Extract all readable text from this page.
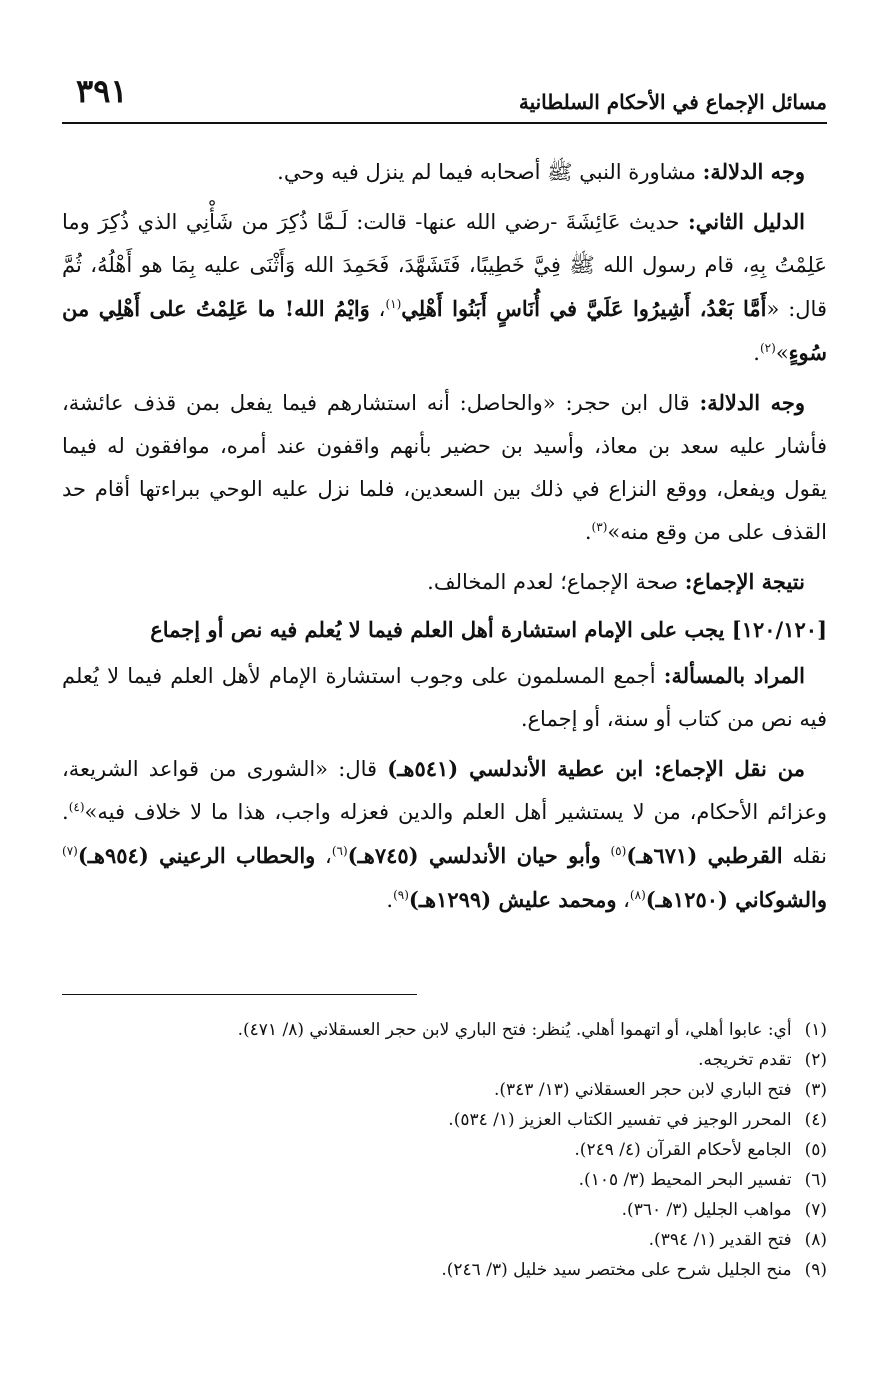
مسائل الإجماع في الأحكام السلطانية
٣٩١

وجه الدلالة: مشاورة النبي ﷺ أصحابه فيما لم ينزل فيه وحي.

الدليل الثاني: حديث عَائِشَةَ -رضي الله عنها- قالت: لَـمَّا ذُكِرَ من شَأْنِي الذي ذُكِرَ وما عَلِمْتُ بِهِ، قام رسول الله ﷺ فِيَّ خَطِيبًا، فَتَشَهَّدَ، فَحَمِدَ الله وَأَثْنَى عليه بِمَا هو أَهْلُهُ، ثُمَّ قال: «أَمَّا بَعْدُ، أَشِيرُوا عَلَيَّ في أُنَاسٍ أَبَنُوا أَهْلِي$^{(١)}$، وَايْمُ الله! ما عَلِمْتُ على أَهْلِي من سُوءٍ»$^{(٢)}$.

وجه الدلالة: قال ابن حجر: «والحاصل: أنه استشارهم فيما يفعل بمن قذف عائشة، فأشار عليه سعد بن معاذ، وأسيد بن حضير بأنهم واقفون عند أمره، موافقون له فيما يقول ويفعل، ووقع النزاع في ذلك بين السعدين، فلما نزل عليه الوحي ببراءتها أقام حد القذف على من وقع منه»$^{(٣)}$.

نتيجة الإجماع: صحة الإجماع؛ لعدم المخالف.

[١٢٠/١٢٠] يجب على الإمام استشارة أهل العلم فيما لا يُعلم فيه نص أو إجماع

المراد بالمسألة: أجمع المسلمون على وجوب استشارة الإمام لأهل العلم فيما لا يُعلم فيه نص من كتاب أو سنة، أو إجماع.

من نقل الإجماع: ابن عطية الأندلسي (٥٤١هـ) قال: «الشورى من قواعد الشريعة، وعزائم الأحكام، من لا يستشير أهل العلم والدين فعزله واجب، هذا ما لا خلاف فيه»$^{(٤)}$. نقله القرطبي (٦٧١هـ)$^{(٥)}$ وأبو حيان الأندلسي (٧٤٥هـ)$^{(٦)}$، والحطاب الرعيني (٩٥٤هـ)$^{(٧)}$ والشوكاني (١٢٥٠هـ)$^{(٨)}$، ومحمد عليش (١٢٩٩هـ)$^{(٩)}$.

(١) أي: عابوا أهلي، أو اتهموا أهلي. يُنظر: فتح الباري لابن حجر العسقلاني (٨/ ٤٧١).

(٢) تقدم تخريجه.

(٣) فتح الباري لابن حجر العسقلاني (١٣/ ٣٤٣).

(٤) المحرر الوجيز في تفسير الكتاب العزيز (١/ ٥٣٤).

(٥) الجامع لأحكام القرآن (٤/ ٢٤٩).

(٦) تفسير البحر المحيط (٣/ ١٠٥).

(٧) مواهب الجليل (٣/ ٣٦٠).

(٨) فتح القدير (١/ ٣٩٤).

(٩) منح الجليل شرح على مختصر سيد خليل (٣/ ٢٤٦).
